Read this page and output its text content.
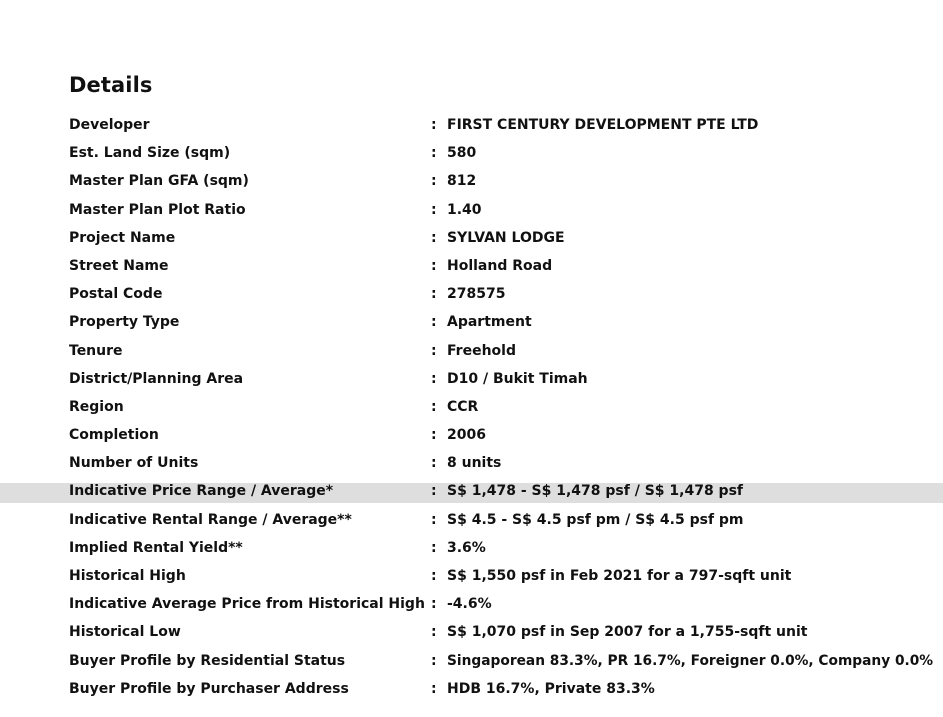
Details
Developer	: FIRST CENTURY DEVELOPMENT PTE LTD
Est. Land Size (sqm)	: 580
Master Plan GFA (sqm)	: 812
Master Plan Plot Ratio	: 1.40
Project Name	: SYLVAN LODGE
Street Name	: Holland Road
Postal Code	: 278575
Property Type	: Apartment
Tenure	: Freehold
District/Planning Area	: D10 / Bukit Timah
Region	: CCR
Completion	: 2006
Number of Units	: 8 units
Indicative Price Range / Average*	: S$ 1,478 - S$ 1,478 psf / S$ 1,478 psf
Indicative Rental Range / Average**	: S$ 4.5 - S$ 4.5 psf pm / S$ 4.5 psf pm
Implied Rental Yield**	: 3.6%
Historical High	: S$ 1,550 psf in Feb 2021 for a 797-sqft unit
Indicative Average Price from Historical High : -4.6%
Historical Low	: S$ 1,070 psf in Sep 2007 for a 1,755-sqft unit
Buyer Profile by Residential Status	: Singaporean 83.3%, PR 16.7%, Foreigner 0.0%, Company 0.0%
Buyer Profile by Purchaser Address	: HDB 16.7%, Private 83.3%
